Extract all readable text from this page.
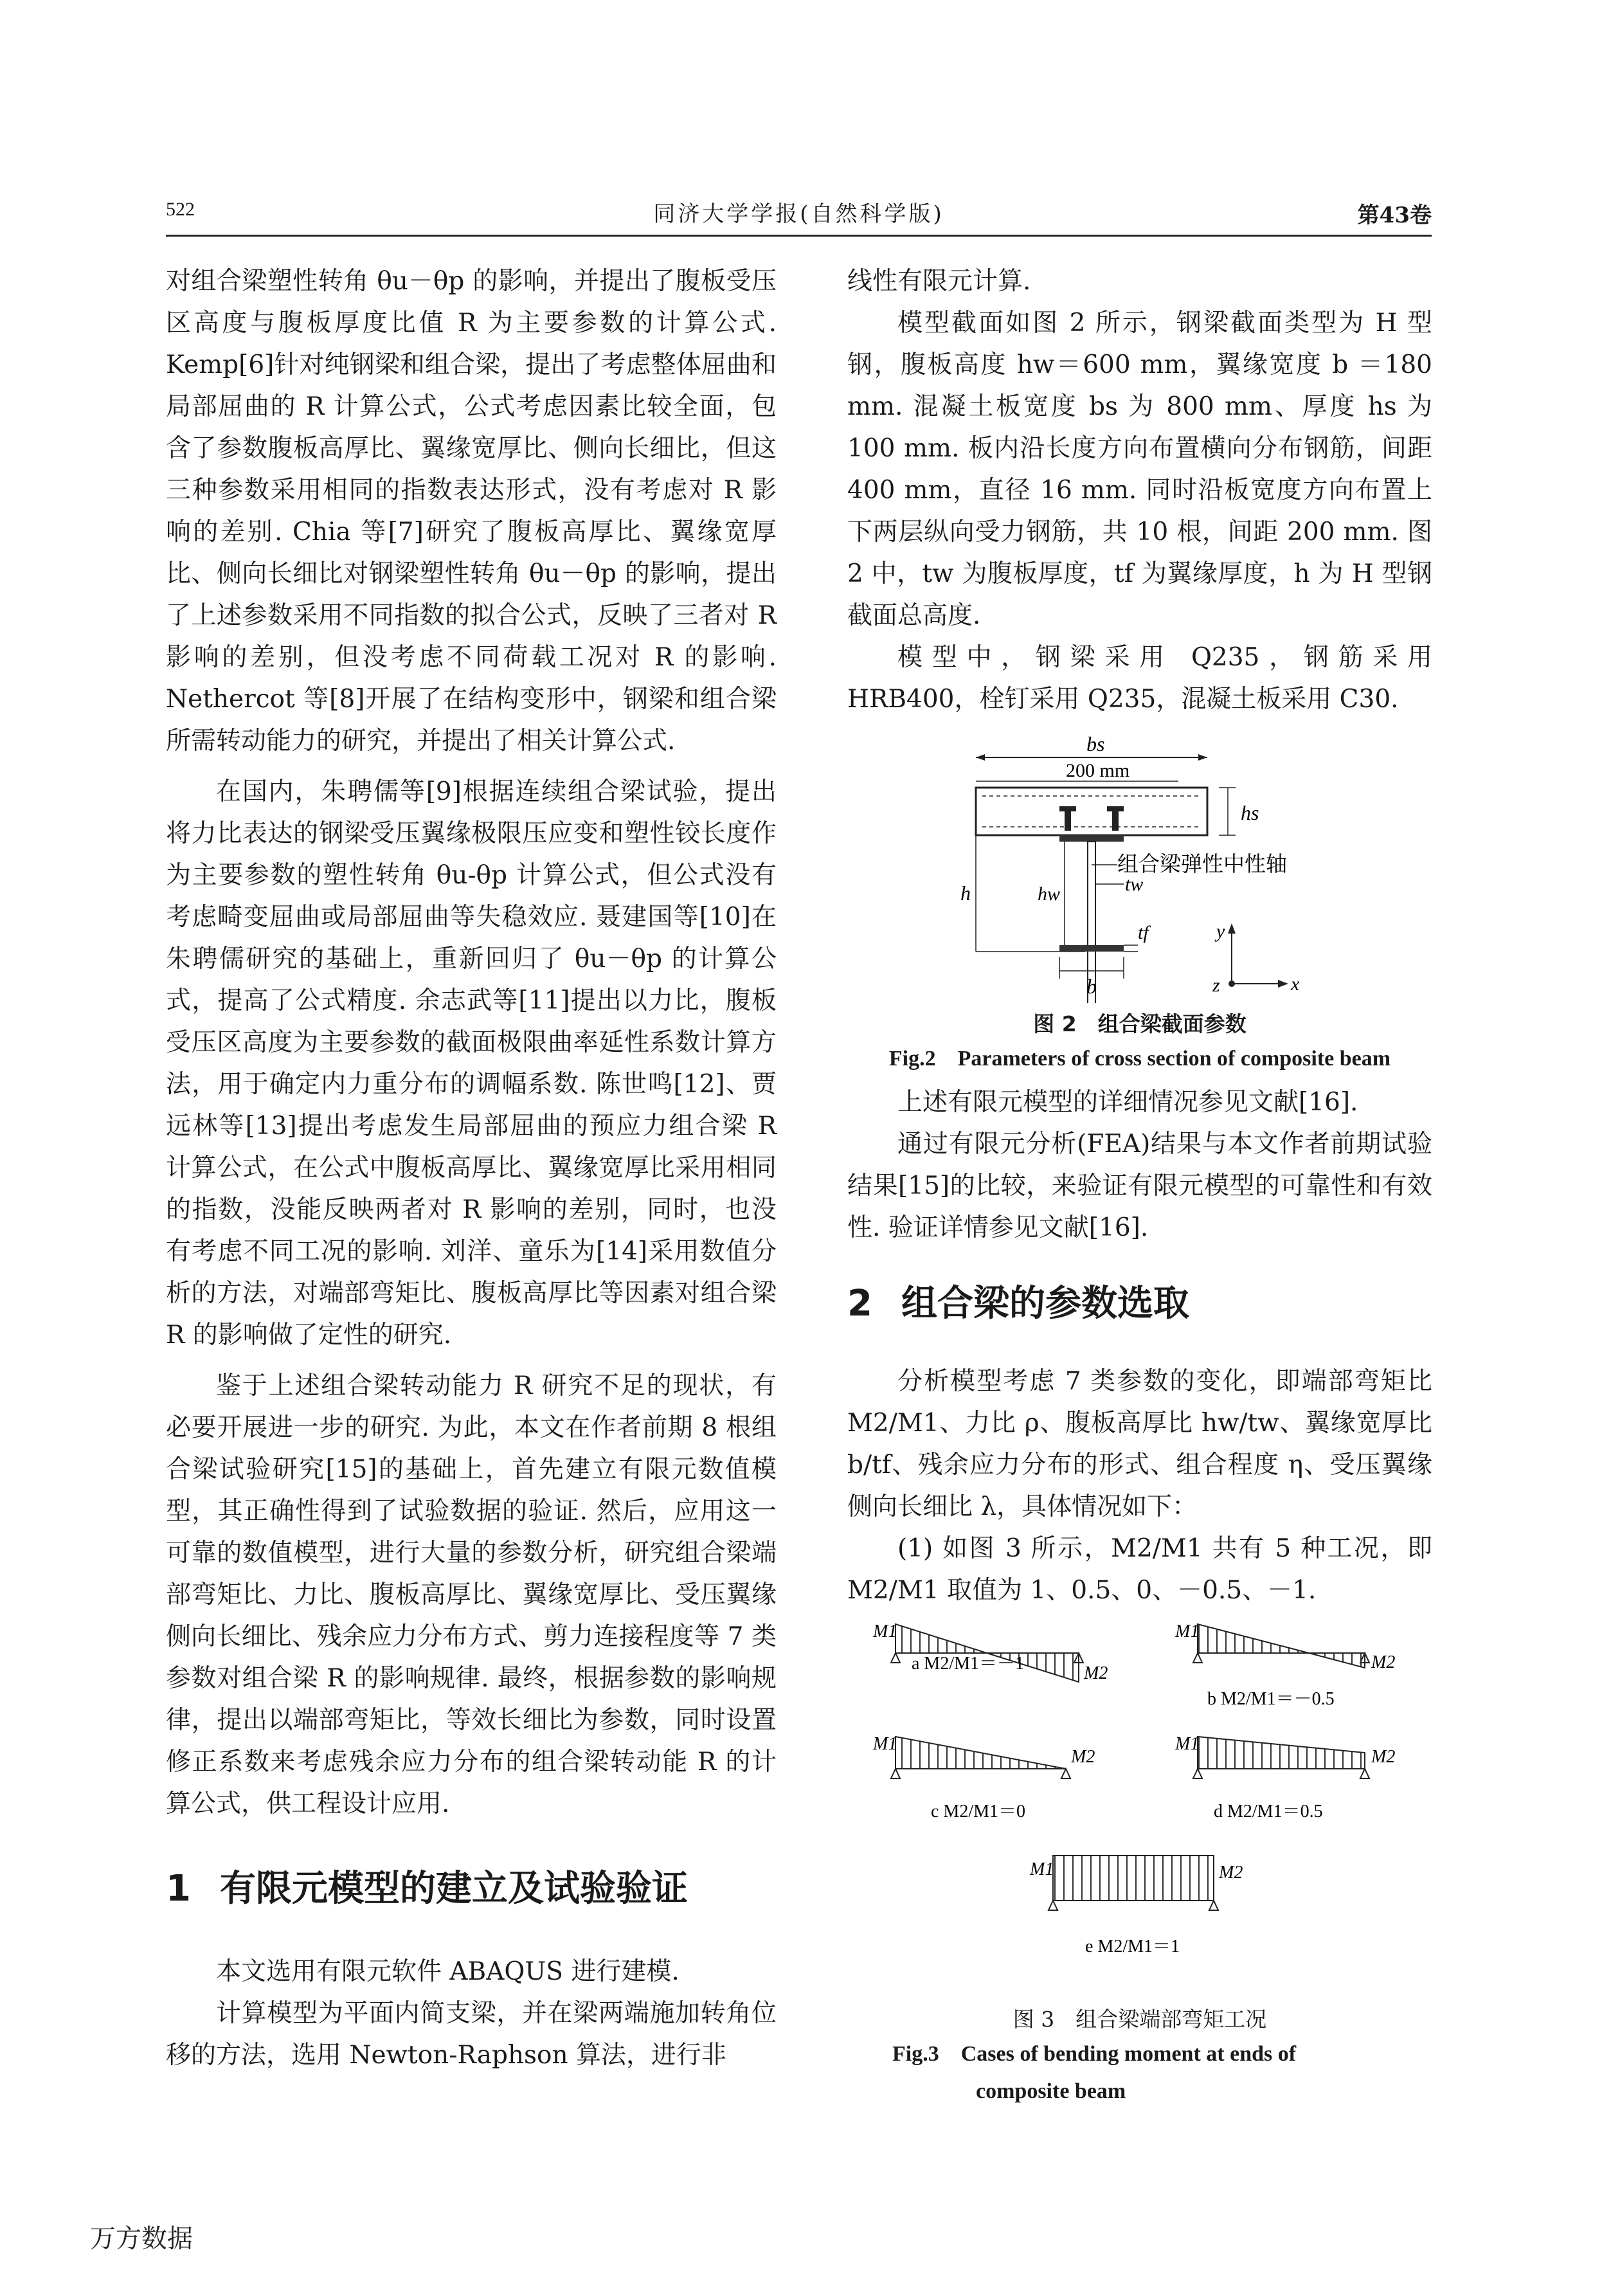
522	同济大学学报(自然科学版)	第43卷

对组合梁塑性转角 θu－θp 的影响，并提出了腹板受压区高度与腹板厚度比值 R 为主要参数的计算公式. Kemp[6]针对纯钢梁和组合梁，提出了考虑整体屈曲和局部屈曲的 R 计算公式，公式考虑因素比较全面，包含了参数腹板高厚比、翼缘宽厚比、侧向长细比，但这三种参数采用相同的指数表达形式，没有考虑对 R 影响的差别. Chia 等[7]研究了腹板高厚比、翼缘宽厚比、侧向长细比对钢梁塑性转角 θu－θp 的影响，提出了上述参数采用不同指数的拟合公式，反映了三者对 R 影响的差别，但没考虑不同荷载工况对 R 的影响. Nethercot 等[8]开展了在结构变形中，钢梁和组合梁所需转动能力的研究，并提出了相关计算公式.

在国内，朱聘儒等[9]根据连续组合梁试验，提出将力比表达的钢梁受压翼缘极限压应变和塑性铰长度作为主要参数的塑性转角 θu-θp 计算公式，但公式没有考虑畸变屈曲或局部屈曲等失稳效应. 聂建国等[10]在朱聘儒研究的基础上，重新回归了 θu－θp 的计算公式，提高了公式精度. 余志武等[11]提出以力比，腹板受压区高度为主要参数的截面极限曲率延性系数计算方法，用于确定内力重分布的调幅系数. 陈世鸣[12]、贾远林等[13]提出考虑发生局部屈曲的预应力组合梁 R 计算公式，在公式中腹板高厚比、翼缘宽厚比采用相同的指数，没能反映两者对 R 影响的差别，同时，也没有考虑不同工况的影响. 刘洋、童乐为[14]采用数值分析的方法，对端部弯矩比、腹板高厚比等因素对组合梁 R 的影响做了定性的研究.

鉴于上述组合梁转动能力 R 研究不足的现状，有必要开展进一步的研究. 为此，本文在作者前期 8 根组合梁试验研究[15]的基础上，首先建立有限元数值模型，其正确性得到了试验数据的验证. 然后，应用这一可靠的数值模型，进行大量的参数分析，研究组合梁端部弯矩比、力比、腹板高厚比、翼缘宽厚比、受压翼缘侧向长细比、残余应力分布方式、剪力连接程度等 7 类参数对组合梁 R 的影响规律. 最终，根据参数的影响规律，提出以端部弯矩比，等效长细比为参数，同时设置修正系数来考虑残余应力分布的组合梁转动能 R 的计算公式，供工程设计应用.

1 有限元模型的建立及试验验证

本文选用有限元软件 ABAQUS 进行建模.

计算模型为平面内简支梁，并在梁两端施加转角位移的方法，选用 Newton-Raphson 算法，进行非

线性有限元计算.

模型截面如图 2 所示，钢梁截面类型为 H 型钢，腹板高度 hw＝600 mm，翼缘宽度 b ＝180 mm. 混凝土板宽度 bs 为 800 mm、厚度 hs 为 100 mm. 板内沿长度方向布置横向分布钢筋，间距 400 mm，直径 16 mm. 同时沿板宽度方向布置上下两层纵向受力钢筋，共 10 根，间距 200 mm. 图 2 中，tw 为腹板厚度，tf 为翼缘厚度，h 为 H 型钢截面总高度.

模型中，钢梁采用 Q235，钢筋采用 HRB400，栓钉采用 Q235，混凝土板采用 C30.

bs
200 mm
hs
组合梁弹性中性轴
tw
h	hw
tf
b
y
z	x
图 2　组合梁截面参数
Fig.2　Parameters of cross section of composite beam

上述有限元模型的详细情况参见文献[16].

通过有限元分析(FEA)结果与本文作者前期试验结果[15]的比较，来验证有限元模型的可靠性和有效性. 验证详情参见文献[16].

2 组合梁的参数选取

分析模型考虑 7 类参数的变化，即端部弯矩比 M2/M1、力比 ρ、腹板高厚比 hw/tw、翼缘宽厚比 b/tf、残余应力分布的形式、组合程度 η、受压翼缘侧向长细比 λ，具体情况如下：

(1) 如图 3 所示，M2/M1 共有 5 种工况，即 M2/M1 取值为 1、0.5、0、－0.5、－1.

M1
M2
a M2/M1＝－1
M1
M2
b M2/M1＝－0.5
M1
M2
c M2/M1＝0
M1
M2
d M2/M1＝0.5
M1	M2
e M2/M1＝1
图 3　组合梁端部弯矩工况
Fig.3　Cases of bending moment at ends of
composite beam
万方数据
